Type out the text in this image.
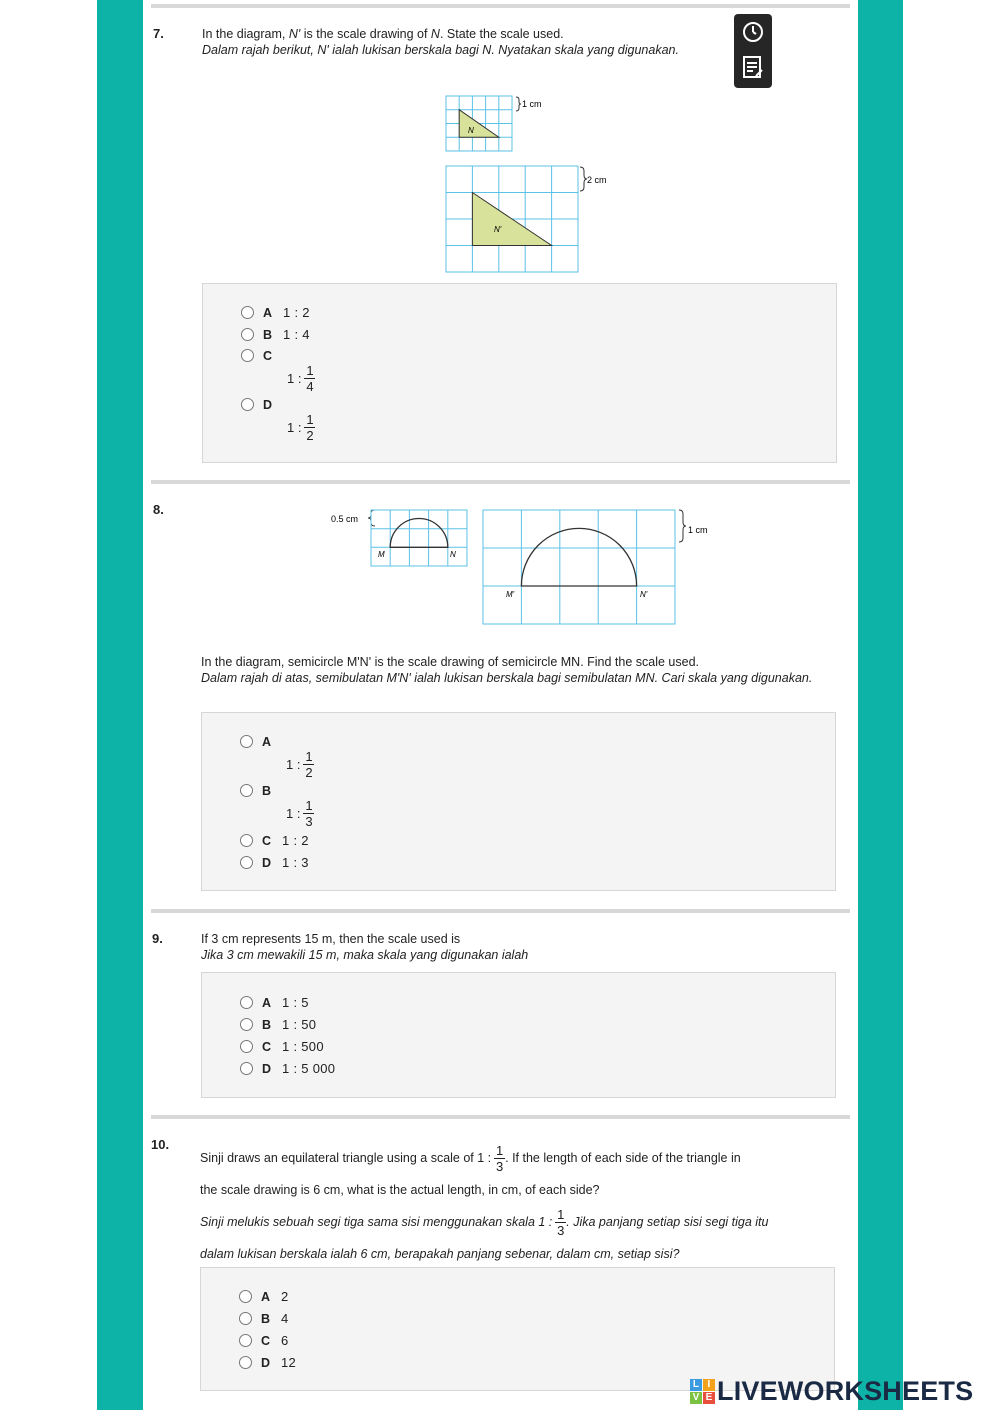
7.	In the diagram, N' is the scale drawing of N. State the scale used.
Dalam rajah berikut, N' ialah lukisan berskala bagi N. Nyatakan skala yang digunakan.
N
1 cm
N'
2 cm
A 1 : 2
B 1 : 4
C
1 : $\frac{1}{4}$
D
1 : $\frac{1}{2}$
8.
0.5 cm
M	N
M'	N'
1 cm
In the diagram, semicircle M'N' is the scale drawing of semicircle MN. Find the scale used.
Dalam rajah di atas, semibulatan M'N' ialah lukisan berskala bagi semibulatan MN. Cari skala yang digunakan.
A
1 : $\frac{1}{2}$
B
1 : $\frac{1}{3}$
C 1 : 2
D 1 : 3
9.	If 3 cm represents 15 m, then the scale used is
Jika 3 cm mewakili 15 m, maka skala yang digunakan ialah
A 1 : 5
B 1 : 50
C 1 : 500
D 1 : 5 000
10.
Sinji draws an equilateral triangle using a scale of 1 : $\frac{1}{3}$ . If the length of each side of the triangle in
the scale drawing is 6 cm, what is the actual length, in cm, of each side?
Sinji melukis sebuah segi tiga sama sisi menggunakan skala 1 : $\frac{1}{3}$ . Jika panjang setiap sisi segi tiga itu
dalam lukisan berskala ialah 6 cm, berapakah panjang sebenar, dalam cm, setiap sisi?
A 2
B 4
C 6
D 12
L I
V E LIVEWORKSHEETS
